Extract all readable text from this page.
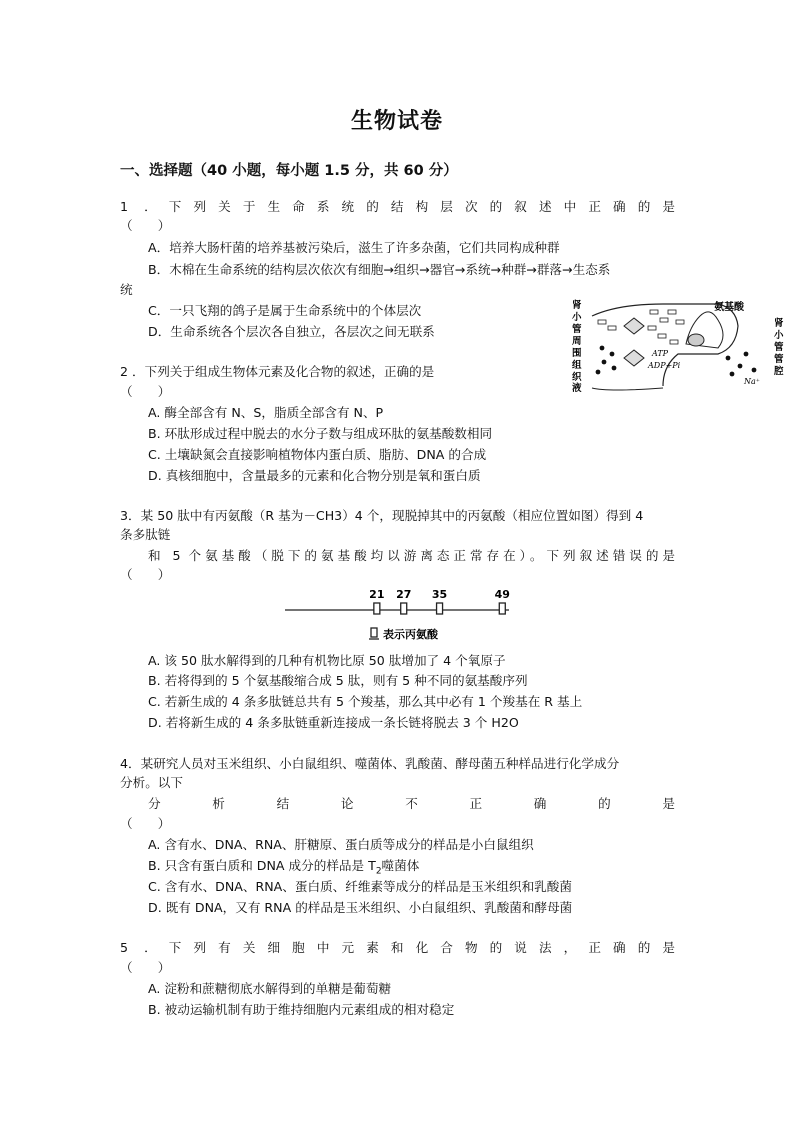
生物试卷
一、选择题（40 小题，每小题 1.5 分，共 60 分）
1 ．下列关于生命系统的结构层次的叙述中正确的是
（　　）
A．培养大肠杆菌的培养基被污染后，滋生了许多杂菌，它们共同构成种群
B．木棉在生命系统的结构层次依次有细胞→组织→器官→系统→种群→群落→生态系
统
C．一只飞翔的鸽子是属于生命系统中的个体层次
D．生命系统各个层次各自独立，各层次之间无联系
肾
小
管
周
围
组
织
液
氨基酸
肾
小
管
管
腔
ATP
ADP+Pi
Na⁺
2 ．下列关于组成生物体元素及化合物的叙述，正确的是
（　　）
A. 酶全部含有 N、S，脂质全部含有 N、P
B. 环肽形成过程中脱去的水分子数与组成环肽的氨基酸数相同
C. 土壤缺氮会直接影响植物体内蛋白质、脂肪、DNA 的合成
D. 真核细胞中，含量最多的元素和化合物分别是氧和蛋白质
3．某 50 肽中有丙氨酸（R 基为－CH3）4 个，现脱掉其中的丙氨酸（相应位置如图）得到 4
条多肽链
和 5 个氨基酸（脱下的氨基酸均以游离态正常存在）。下列叙述错误的是
（　　）
21 27 35	49
表示丙氨酸
A. 该 50 肽水解得到的几种有机物比原 50 肽增加了 4 个氧原子
B. 若将得到的 5 个氨基酸缩合成 5 肽，则有 5 种不同的氨基酸序列
C. 若新生成的 4 条多肽链总共有 5 个羧基，那么其中必有 1 个羧基在 R 基上
D. 若将新生成的 4 条多肽链重新连接成一条长链将脱去 3 个 H2O
4．某研究人员对玉米组织、小白鼠组织、噬菌体、乳酸菌、酵母菌五种样品进行化学成分
分析。以下
分析结论不正确的是
（　　）
A. 含有水、DNA、RNA、肝糖原、蛋白质等成分的样品是小白鼠组织
B. 只含有蛋白质和 DNA 成分的样品是 $T_2$噬菌体
C. 含有水、DNA、RNA、蛋白质、纤维素等成分的样品是玉米组织和乳酸菌
D. 既有 DNA，又有 RNA 的样品是玉米组织、小白鼠组织、乳酸菌和酵母菌
5 ．下列有关细胞中元素和化合物的说法，正确的是
（　　）
A. 淀粉和蔗糖彻底水解得到的单糖是葡萄糖
B. 被动运输机制有助于维持细胞内元素组成的相对稳定
